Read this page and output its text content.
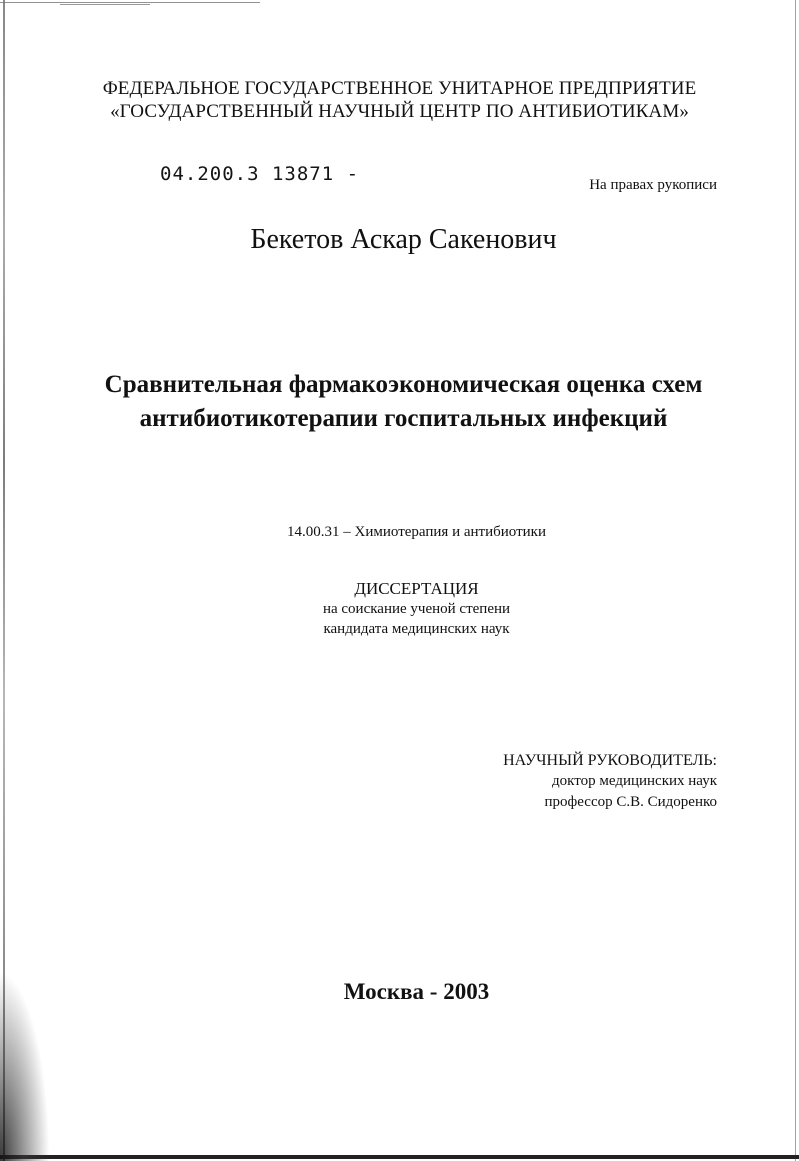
ФЕДЕРАЛЬНОЕ ГОСУДАРСТВЕННОЕ УНИТАРНОЕ ПРЕДПРИЯТИЕ
«ГОСУДАРСТВЕННЫЙ НАУЧНЫЙ ЦЕНТР ПО АНТИБИОТИКАМ»
04.200.3 13871 -	На правах рукописи
Бекетов Аскар Сакенович
Сравнительная фармакоэкономическая оценка схем
антибиотикотерапии госпитальных инфекций
14.00.31 – Химиотерапия и антибиотики
ДИССЕРТАЦИЯ
на соискание ученой степени
кандидата медицинских наук
НАУЧНЫЙ РУКОВОДИТЕЛЬ:
доктор медицинских наук
профессор С.В. Сидоренко
Москва - 2003
